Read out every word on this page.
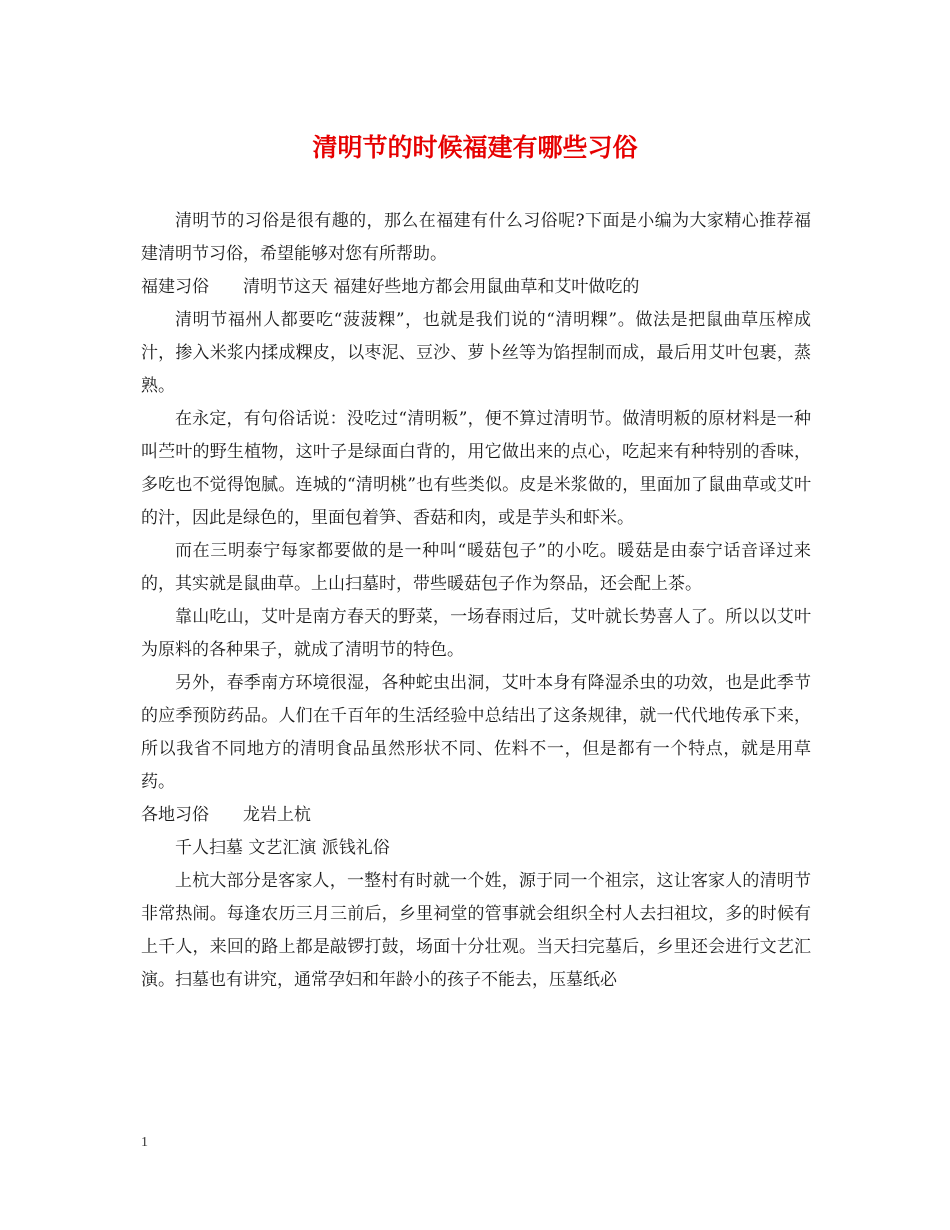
清明节的时候福建有哪些习俗

清明节的习俗是很有趣的，那么在福建有什么习俗呢?下面是小编为大家精心推荐福建清明节习俗，希望能够对您有所帮助。

福建习俗　　清明节这天 福建好些地方都会用鼠曲草和艾叶做吃的

清明节福州人都要吃“菠菠粿”，也就是我们说的“清明粿”。做法是把鼠曲草压榨成汁，掺入米浆内揉成粿皮，以枣泥、豆沙、萝卜丝等为馅捏制而成，最后用艾叶包裹，蒸熟。

在永定，有句俗话说：没吃过“清明粄”，便不算过清明节。做清明粄的原材料是一种叫苎叶的野生植物，这叶子是绿面白背的，用它做出来的点心，吃起来有种特别的香味，多吃也不觉得饱腻。连城的“清明桃”也有些类似。皮是米浆做的，里面加了鼠曲草或艾叶的汁，因此是绿色的，里面包着笋、香菇和肉，或是芋头和虾米。

而在三明泰宁每家都要做的是一种叫“暖菇包子”的小吃。暖菇是由泰宁话音译过来的，其实就是鼠曲草。上山扫墓时，带些暖菇包子作为祭品，还会配上茶。

靠山吃山，艾叶是南方春天的野菜，一场春雨过后，艾叶就长势喜人了。所以以艾叶为原料的各种果子，就成了清明节的特色。

另外，春季南方环境很湿，各种蛇虫出洞，艾叶本身有降湿杀虫的功效，也是此季节的应季预防药品。人们在千百年的生活经验中总结出了这条规律，就一代代地传承下来，所以我省不同地方的清明食品虽然形状不同、佐料不一，但是都有一个特点，就是用草药。

各地习俗　　龙岩上杭

千人扫墓 文艺汇演 派钱礼俗

上杭大部分是客家人，一整村有时就一个姓，源于同一个祖宗，这让客家人的清明节非常热闹。每逢农历三月三前后，乡里祠堂的管事就会组织全村人去扫祖坟，多的时候有上千人，来回的路上都是敲锣打鼓，场面十分壮观。当天扫完墓后，乡里还会进行文艺汇演。扫墓也有讲究，通常孕妇和年龄小的孩子不能去，压墓纸必

1
